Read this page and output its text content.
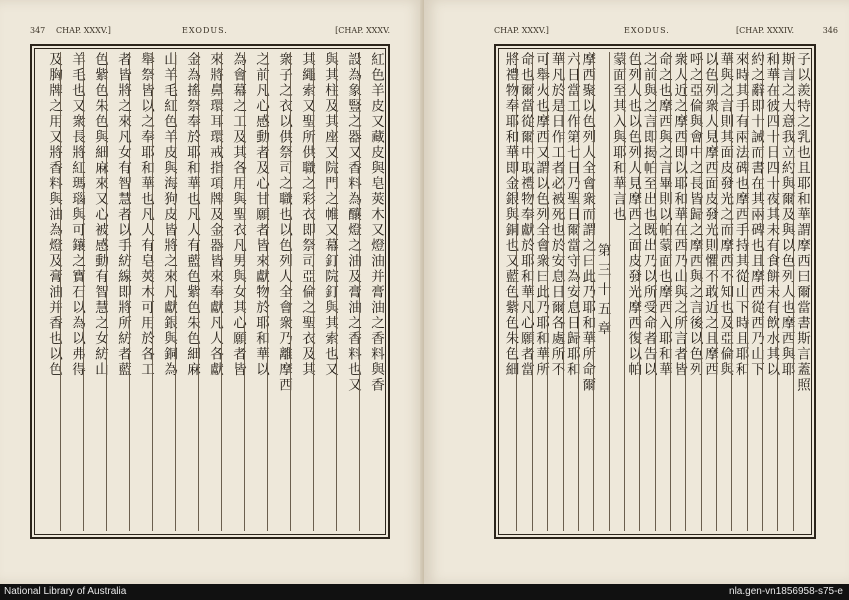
347 CHAP. XXXV.]	EXODUS.	[CHAP. XXXV.
紅色羊皮又藏皮與皂莢木又燈油并膏油之香料與香
設為象豎之器又香料為釀燈之油及膏油之香料也又
與其柱及其座又院門之帷又幕釘院釘與其索也又
其繩索又聖所供職之彩衣即祭司亞倫之聖衣及其
衆子之衣以供祭司之職也以色列人全會衆乃離摩西
之前凡心感動者及心甘願者皆來獻物於耶和華以
為會幕之工及其各用與聖衣凡男與女其心願者皆
來將鼻環耳環戒指項牌及金器皆來奉獻凡人各獻
金為搖祭奉於耶和華也凡人有藍色紫色朱色細麻
山羊毛紅色羊皮與海狗皮皆將之來凡獻銀與銅為
舉祭皆以之奉耶和華也凡人有皂莢木可用於各工
者皆將之來凡女有智慧者以手紡線即將所紡者藍
色紫色朱色與細麻來又心被感動有智慧之女紡山
羊毛也又衆長將紅瑪瑙與可鑲之寶石以為以弗得
及胸牌之用又將香料與油為燈及膏油并香也以色
CHAP. XXXV.]	EXODUS.	[CHAP. XXXIV.	346
子以羨特之乳也且耶和華謂摩西曰爾當書斯言蓋照
斯言之大意我立約與爾及與以色列人也摩西與耶
和華在彼四十日四十夜其未有食餅未有飲水其以
約之辭即十誡而書在其兩碑也且摩西從西乃山下
來時其手有兩法碑也摩西手持其從山下時且耶和
華與之言則其面皮發光之而摩西不知也及亞倫與
以色列衆人見摩西面皮發光則懼不敢近之且摩西
呼之亞倫與會中之長皆歸之摩西與之言後以色列
衆人近之摩西即以耶和華在西乃山與之所言者皆
命之也摩西與之言畢則以帕蒙面也摩西入耶和華
之前與之言即揭帕至出也既出乃以所受命者告以
色列人也以色列人見摩西之面皮發光摩西復以帕
蒙面至其入與耶和華言也
第三十五章
摩西聚以色列人全會衆而謂之曰此乃耶和華所命爾
六日當工作第七日乃聖日爾當守為安息日歸耶和
華凡於是日作工者必被死也於安息日爾各處所不
可舉火也摩西又謂以色列全會衆曰此乃耶和華所
命也爾當從爾中取禮物奉獻於耶和華凡心願者當
將禮物奉耶和華即金銀與銅也又藍色紫色朱色細
National Library of Australia	nla.gen-vn1856958-s75-e
